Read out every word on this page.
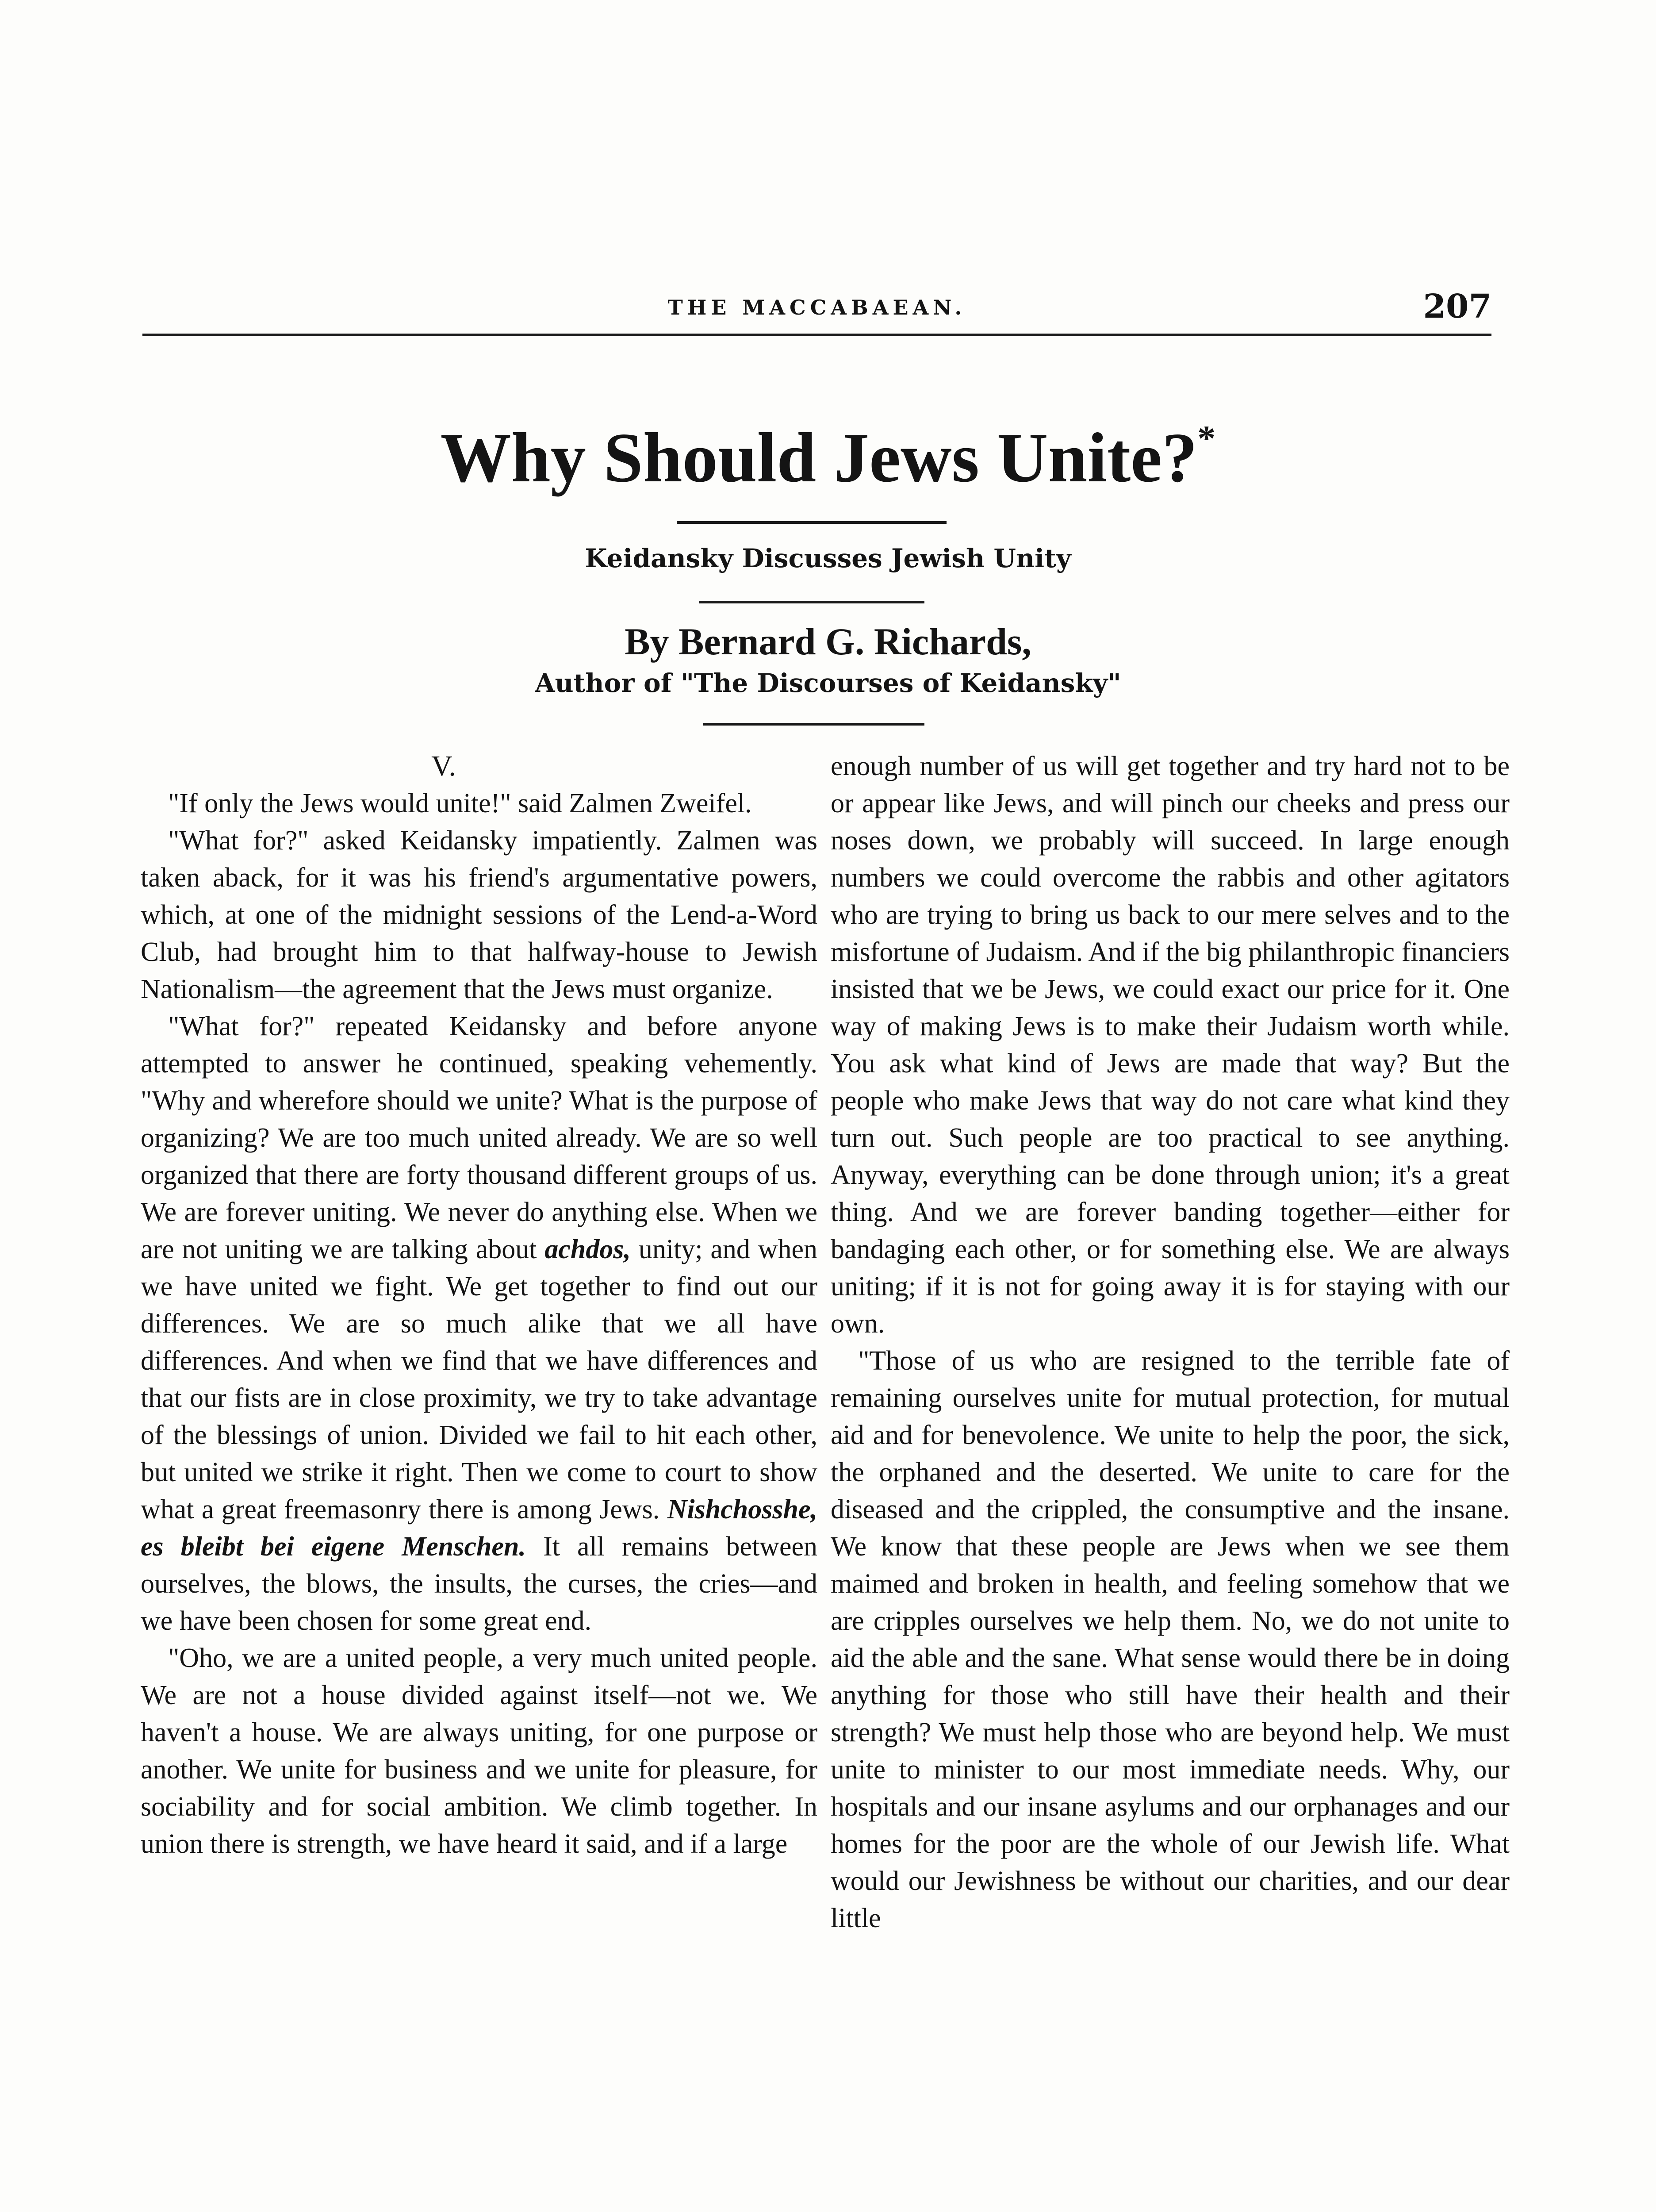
THE MACCABAEAN.	207
Why Should Jews Unite?*
Keidansky Discusses Jewish Unity
By Bernard G. Richards,
Author of "The Discourses of Keidansky"
V.

"If only the Jews would unite!" said Zalmen Zweifel.

"What for?" asked Keidansky impatiently. Zalmen was taken aback, for it was his friend's argumentative powers, which, at one of the midnight sessions of the Lend-a-Word Club, had brought him to that halfway-house to Jewish Nationalism—the agreement that the Jews must organize.

"What for?" repeated Keidansky and before anyone attempted to answer he continued, speaking vehemently. "Why and wherefore should we unite? What is the purpose of organizing? We are too much united already. We are so well organized that there are forty thousand different groups of us. We are forever uniting. We never do anything else. When we are not uniting we are talking about achdos, unity; and when we have united we fight. We get together to find out our differences. We are so much alike that we all have differences. And when we find that we have differences and that our fists are in close proximity, we try to take advantage of the blessings of union. Divided we fail to hit each other, but united we strike it right. Then we come to court to show what a great freemasonry there is among Jews. Nishchosshe, es bleibt bei eigene Menschen. It all remains between ourselves, the blows, the insults, the curses, the cries—and we have been chosen for some great end.

"Oho, we are a united people, a very much united people. We are not a house divided against itself—not we. We haven't a house. We are always uniting, for one purpose or another. We unite for business and we unite for pleasure, for sociability and for social ambition. We climb together. In union there is strength, we have heard it said, and if a large

enough number of us will get together and try hard not to be or appear like Jews, and will pinch our cheeks and press our noses down, we probably will succeed. In large enough numbers we could overcome the rabbis and other agitators who are trying to bring us back to our mere selves and to the misfortune of Judaism. And if the big philanthropic financiers insisted that we be Jews, we could exact our price for it. One way of making Jews is to make their Judaism worth while. You ask what kind of Jews are made that way? But the people who make Jews that way do not care what kind they turn out. Such people are too practical to see anything. Anyway, everything can be done through union; it's a great thing. And we are forever banding together—either for bandaging each other, or for something else. We are always uniting; if it is not for going away it is for staying with our own.

"Those of us who are resigned to the terrible fate of remaining ourselves unite for mutual protection, for mutual aid and for benevolence. We unite to help the poor, the sick, the orphaned and the deserted. We unite to care for the diseased and the crippled, the consumptive and the insane. We know that these people are Jews when we see them maimed and broken in health, and feeling somehow that we are cripples ourselves we help them. No, we do not unite to aid the able and the sane. What sense would there be in doing anything for those who still have their health and their strength? We must help those who are beyond help. We must unite to minister to our most immediate needs. Why, our hospitals and our insane asylums and our orphanages and our homes for the poor are the whole of our Jewish life. What would our Jewishness be without our charities, and our dear little
